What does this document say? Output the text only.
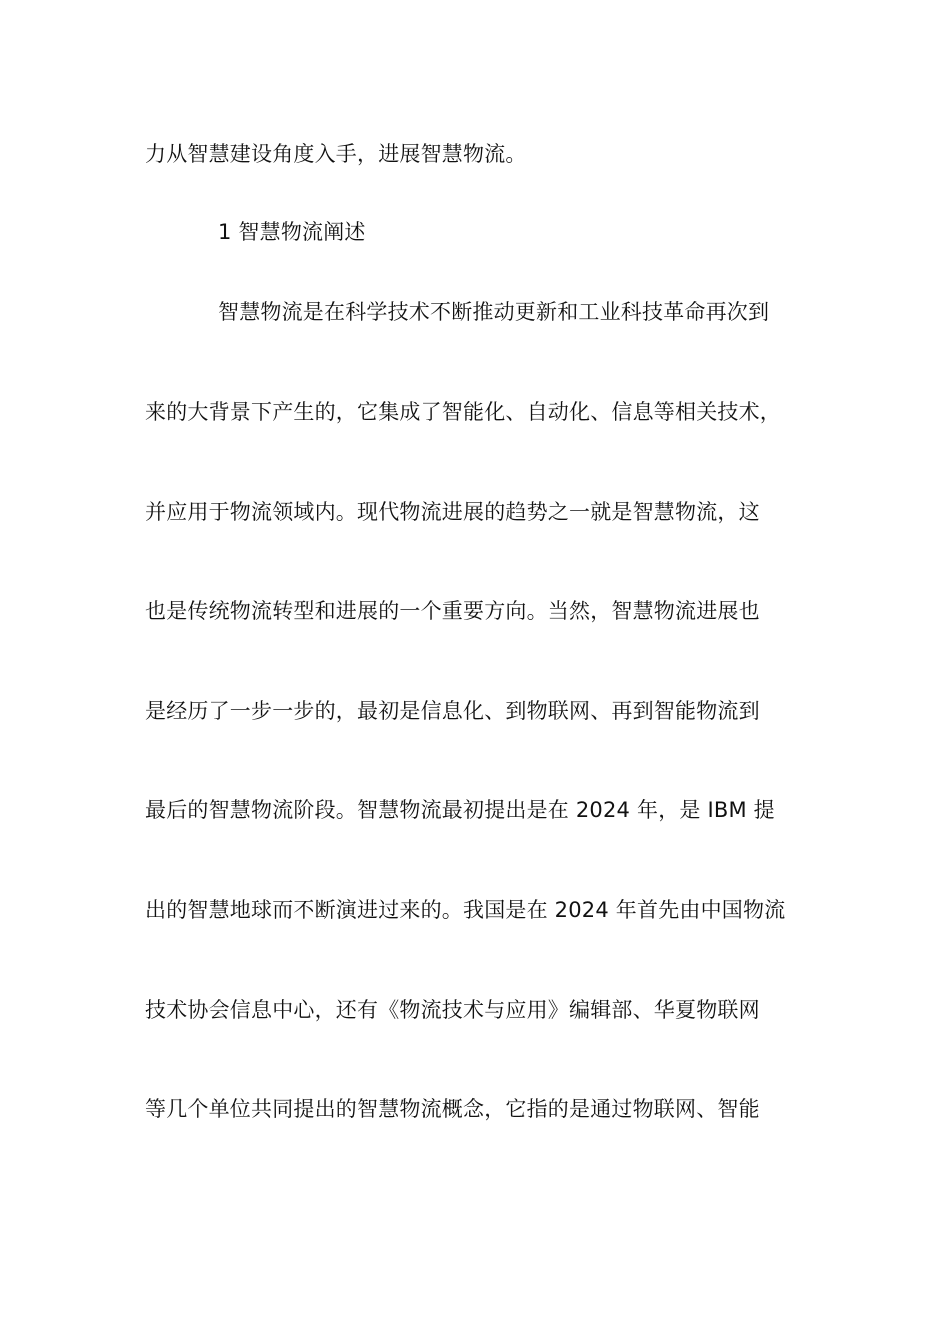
力从智慧建设角度入手，进展智慧物流。
1 智慧物流阐述
智慧物流是在科学技术不断推动更新和工业科技革命再次到
来的大背景下产生的，它集成了智能化、自动化、信息等相关技术，
并应用于物流领域内。现代物流进展的趋势之一就是智慧物流，这
也是传统物流转型和进展的一个重要方向。当然，智慧物流进展也
是经历了一步一步的，最初是信息化、到物联网、再到智能物流到
最后的智慧物流阶段。智慧物流最初提出是在 2024 年，是 IBM 提
出的智慧地球而不断演进过来的。我国是在 2024 年首先由中国物流
技术协会信息中心，还有《物流技术与应用》编辑部、华夏物联网
等几个单位共同提出的智慧物流概念，它指的是通过物联网、智能
